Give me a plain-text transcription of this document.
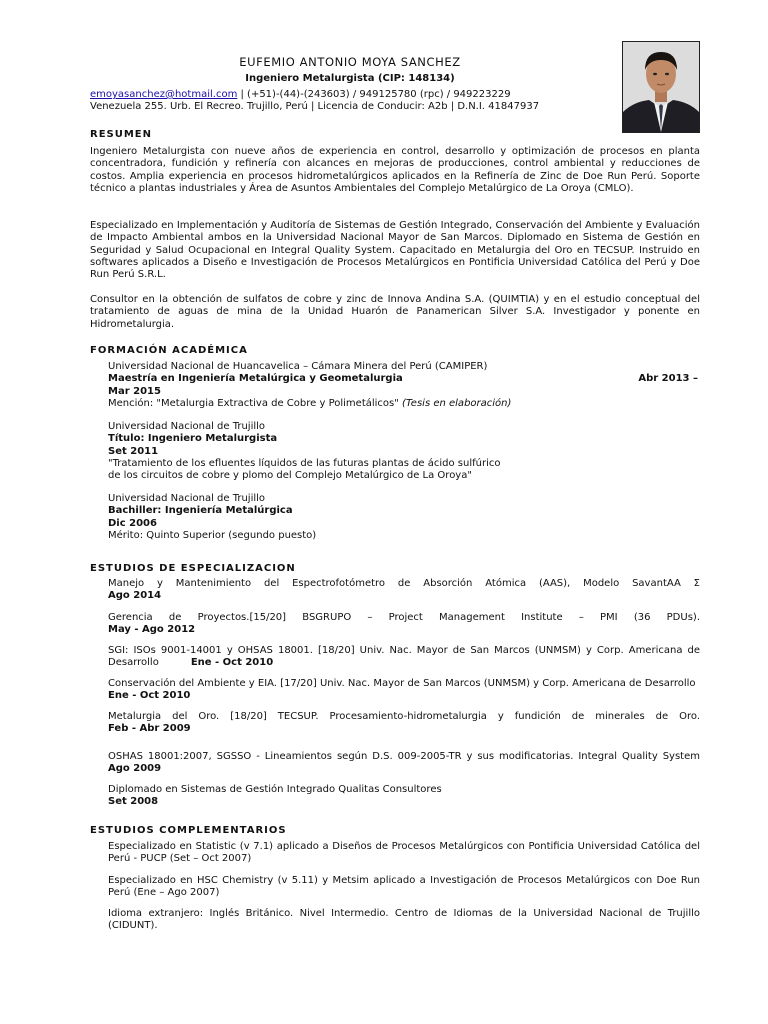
EUFEMIO ANTONIO MOYA SANCHEZ
Ingeniero Metalurgista (CIP: 148134)
emoyasanchez@hotmail.com | (+51)-(44)-(243603) / 949125780 (rpc) / 949223229
Venezuela 255. Urb. El Recreo. Trujillo, Perú | Licencia de Conducir: A2b | D.N.I. 41847937
RESUMEN
Ingeniero Metalurgista con nueve años de experiencia en control, desarrollo y optimización de procesos en planta concentradora, fundición y refinería con alcances en mejoras de producciones, control ambiental y reducciones de costos. Amplia experiencia en procesos hidrometalúrgicos aplicados en la Refinería de Zinc de Doe Run Perú. Soporte técnico a plantas industriales y Área de Asuntos Ambientales del Complejo Metalúrgico de La Oroya (CMLO).
Especializado en Implementación y Auditoría de Sistemas de Gestión Integrado, Conservación del Ambiente y Evaluación de Impacto Ambiental ambos en la Universidad Nacional Mayor de San Marcos. Diplomado en Sistema de Gestión en Seguridad y Salud Ocupacional en Integral Quality System. Capacitado en Metalurgia del Oro en TECSUP. Instruido en softwares aplicados a Diseño e Investigación de Procesos Metalúrgicos en Pontificia Universidad Católica del Perú y Doe Run Perú S.R.L.
Consultor en la obtención de sulfatos de cobre y zinc de Innova Andina S.A. (QUIMTIA) y en el estudio conceptual del tratamiento de aguas de mina de la Unidad Huarón de Panamerican Silver S.A. Investigador y ponente en Hidrometalurgia.
FORMACIÓN ACADÉMICA
Universidad Nacional de Huancavelica – Cámara Minera del Perú (CAMIPER)
Maestría en Ingeniería Metalúrgica y Geometalurgia	Abr 2013 –
Mar 2015
Mención: "Metalurgia Extractiva de Cobre y Polimetálicos" (Tesis en elaboración)
Universidad Nacional de Trujillo
Título: Ingeniero Metalurgista
Set 2011
"Tratamiento de los efluentes líquidos de las futuras plantas de ácido sulfúrico
de los circuitos de cobre y plomo del Complejo Metalúrgico de La Oroya"
Universidad Nacional de Trujillo
Bachiller: Ingeniería Metalúrgica
Dic 2006
Mérito: Quinto Superior (segundo puesto)
ESTUDIOS DE ESPECIALIZACION
Manejo y Mantenimiento del Espectrofotómetro de Absorción Atómica (AAS), Modelo SavantAA Σ
Ago 2014
Gerencia de Proyectos.[15/20] BSGRUPO – Project Management Institute – PMI (36 PDUs).
May - Ago 2012
SGI: ISOs 9001-14001 y OHSAS 18001. [18/20] Univ. Nac. Mayor de San Marcos (UNMSM) y Corp. Americana de
Desarrollo	Ene - Oct 2010
Conservación del Ambiente y EIA. [17/20] Univ. Nac. Mayor de San Marcos (UNMSM) y Corp. Americana de Desarrollo
Ene - Oct 2010
Metalurgia del Oro. [18/20] TECSUP. Procesamiento-hidrometalurgia y fundición de minerales de Oro.
Feb - Abr 2009
OSHAS 18001:2007, SGSSO - Lineamientos según D.S. 009-2005-TR y sus modificatorias. Integral Quality System
Ago 2009
Diplomado en Sistemas de Gestión Integrado Qualitas Consultores
Set 2008
ESTUDIOS COMPLEMENTARIOS
Especializado en Statistic (v 7.1) aplicado a Diseños de Procesos Metalúrgicos con Pontificia Universidad Católica del Perú - PUCP (Set – Oct 2007)
Especializado en HSC Chemistry (v 5.11) y Metsim aplicado a Investigación de Procesos Metalúrgicos con Doe Run Perú (Ene – Ago 2007)
Idioma extranjero: Inglés Británico. Nivel Intermedio. Centro de Idiomas de la Universidad Nacional de Trujillo (CIDUNT).
